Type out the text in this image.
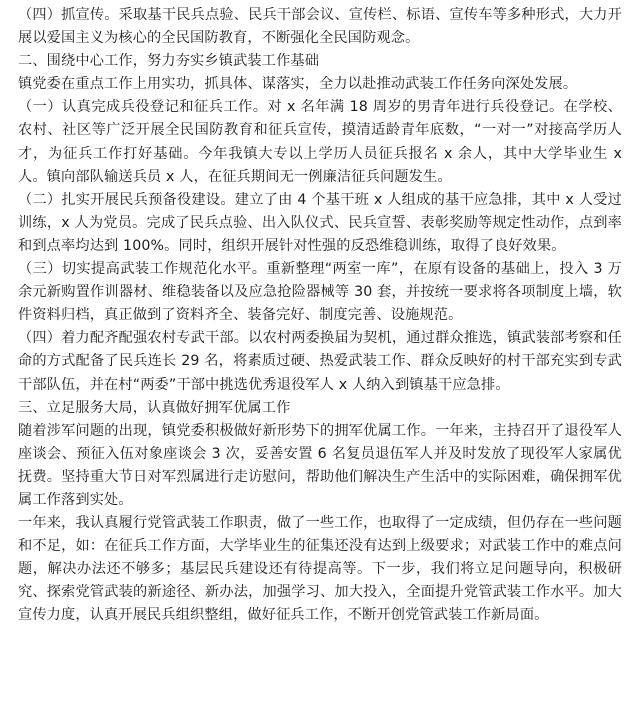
（四）抓宣传。采取基干民兵点验、民兵干部会议、宣传栏、标语、宣传车等多种形式，大力开展以爱国主义为核心的全民国防教育，不断强化全民国防观念。

二、围绕中心工作，努力夯实乡镇武装工作基础

镇党委在重点工作上用实功，抓具体、谋落实，全力以赴推动武装工作任务向深处发展。

（一）认真完成兵役登记和征兵工作。对 x 名年满 18 周岁的男青年进行兵役登记。在学校、农村、社区等广泛开展全民国防教育和征兵宣传，摸清适龄青年底数，“一对一”对接高学历人才，为征兵工作打好基础。今年我镇大专以上学历人员征兵报名 x 余人，其中大学毕业生 x 人。镇向部队输送兵员 x 人，在征兵期间无一例廉洁征兵问题发生。

（二）扎实开展民兵预备役建设。建立了由 4 个基干班 x 人组成的基干应急排，其中 x 人受过训练，x 人为党员。完成了民兵点验、出入队仪式、民兵宣誓、表彰奖励等规定性动作，点到率和到点率均达到 100%。同时，组织开展针对性强的反恐维稳训练，取得了良好效果。

（三）切实提高武装工作规范化水平。重新整理“两室一库”，在原有设备的基础上，投入 3 万余元新购置作训器材、维稳装备以及应急抢险器械等 30 套，并按统一要求将各项制度上墙，软件资料归档，真正做到了资料齐全、装备完好、制度完善、设施规范。

（四）着力配齐配强农村专武干部。以农村两委换届为契机，通过群众推选，镇武装部考察和任命的方式配备了民兵连长 29 名，将素质过硬、热爱武装工作、群众反映好的村干部充实到专武干部队伍，并在村“两委”干部中挑选优秀退役军人 x 人纳入到镇基干应急排。

三、立足服务大局，认真做好拥军优属工作

随着涉军问题的出现，镇党委积极做好新形势下的拥军优属工作。一年来，主持召开了退役军人座谈会、预征入伍对象座谈会 3 次，妥善安置 6 名复员退伍军人并及时发放了现役军人家属优抚费。坚持重大节日对军烈属进行走访慰问，帮助他们解决生产生活中的实际困难，确保拥军优属工作落到实处。

一年来，我认真履行党管武装工作职责，做了一些工作，也取得了一定成绩，但仍存在一些问题和不足，如：在征兵工作方面，大学毕业生的征集还没有达到上级要求；对武装工作中的难点问题，解决办法还不够多；基层民兵建设还有待提高等。下一步，我们将立足问题导向，积极研究、探索党管武装的新途径、新办法，加强学习、加大投入，全面提升党管武装工作水平。加大宣传力度，认真开展民兵组织整组，做好征兵工作，不断开创党管武装工作新局面。
